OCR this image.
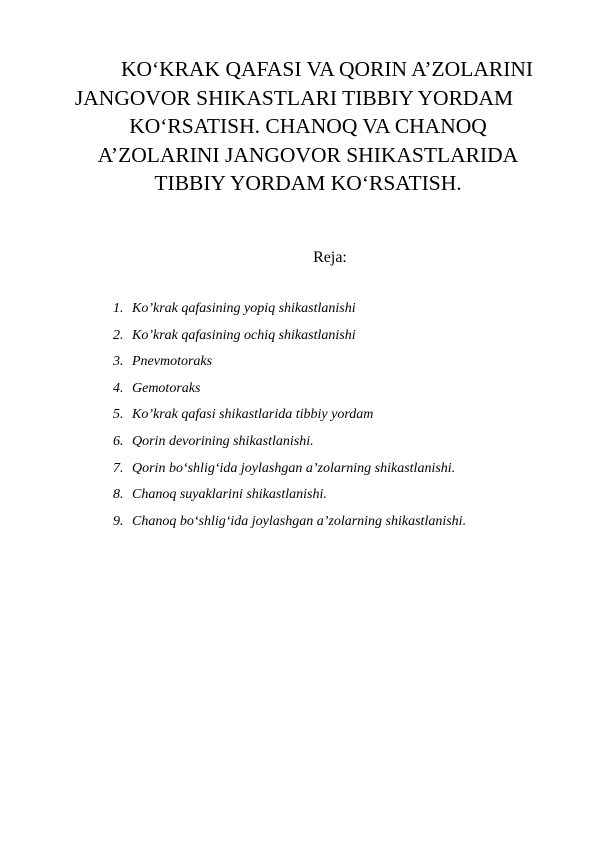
KO‘KRAK QAFASI VA QORIN A’ZOLARINI
JANGOVOR SHIKASTLARI TIBBIY YORDAM
KO‘RSATISH. CHANOQ VA CHANOQ
A’ZOLARINI JANGOVOR SHIKASTLARIDA
TIBBIY YORDAM KO‘RSATISH.

Reja:

1. Ko’krak qafasining yopiq shikastlanishi
2. Ko’krak qafasining ochiq shikastlanishi
3. Pnevmotoraks
4. Gemotoraks
5. Ko’krak qafasi shikastlarida tibbiy yordam
6. Qorin devorining shikastlanishi.
7. Qorin bo‘shlig‘ida joylashgan a’zolarning shikastlanishi.
8. Chanoq suyaklarini shikastlanishi.
9. Chanoq bo‘shlig‘ida joylashgan a’zolarning shikastlanishi.
